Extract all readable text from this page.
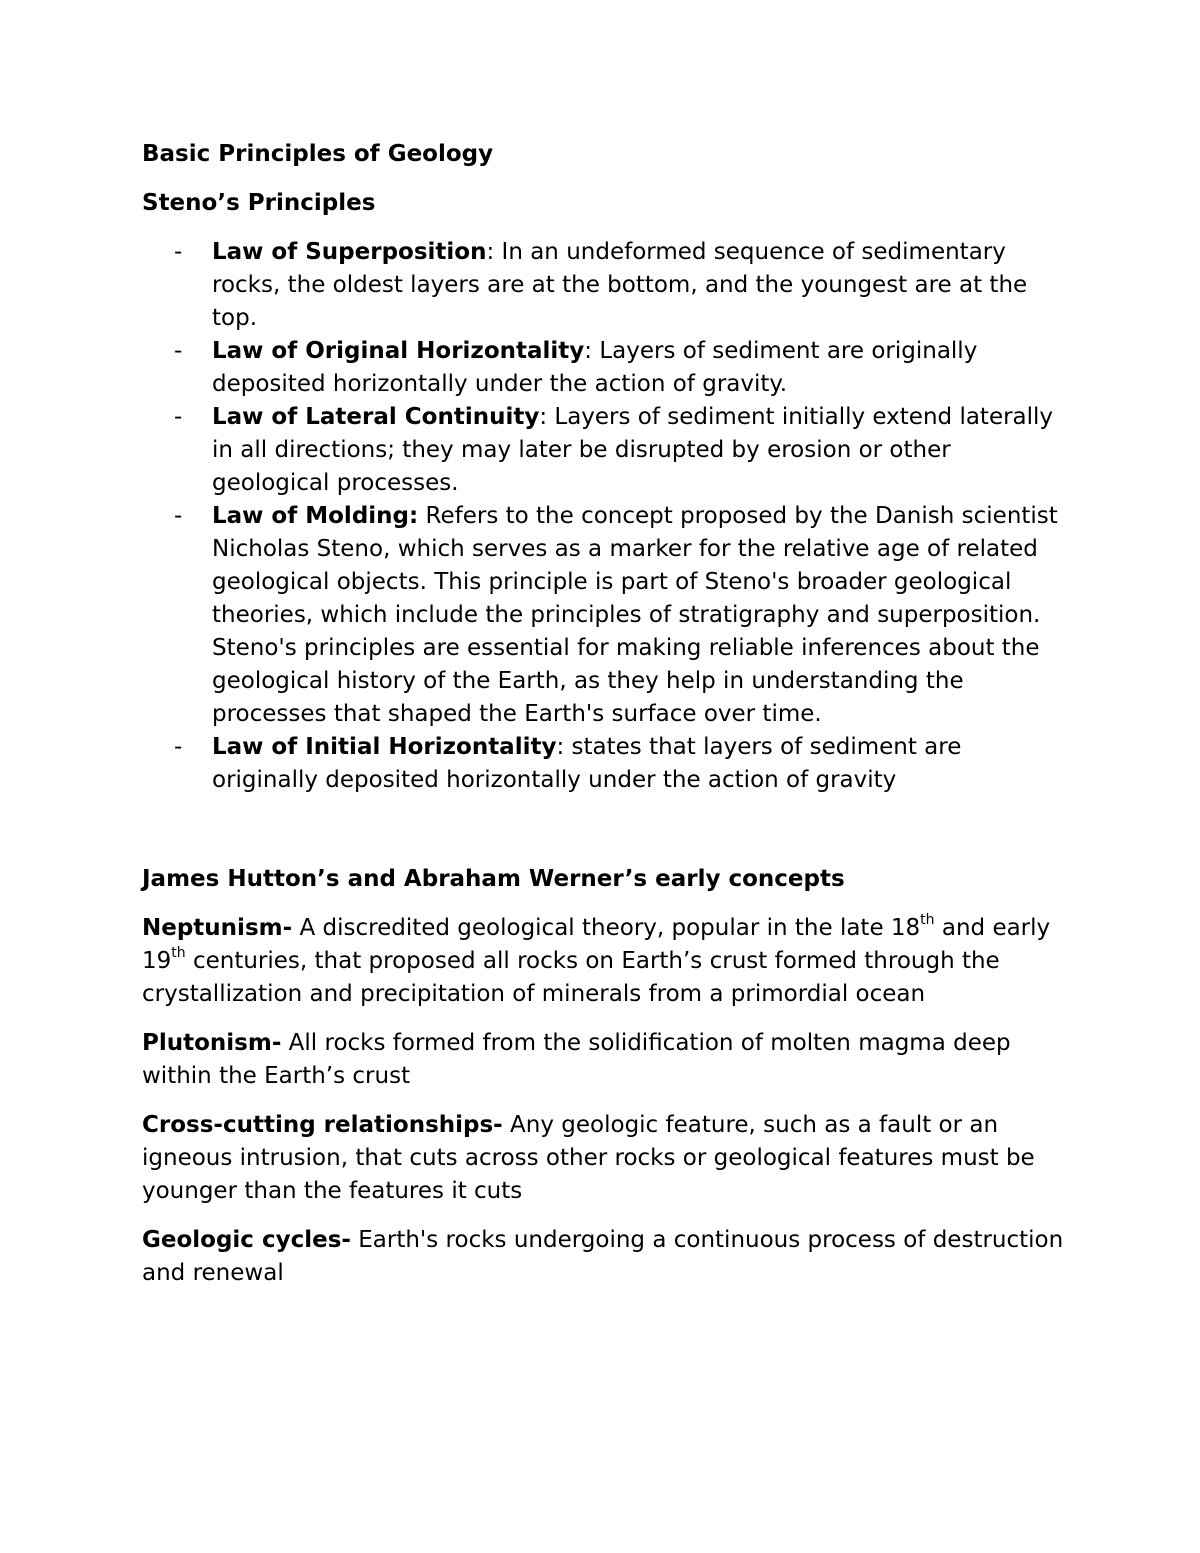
Basic Principles of Geology
Steno’s Principles
- Law of Superposition: In an undeformed sequence of sedimentary rocks, the oldest layers are at the bottom, and the youngest are at the top.
- Law of Original Horizontality: Layers of sediment are originally deposited horizontally under the action of gravity.
- Law of Lateral Continuity: Layers of sediment initially extend laterally in all directions; they may later be disrupted by erosion or other geological processes.
- Law of Molding: Refers to the concept proposed by the Danish scientist Nicholas Steno, which serves as a marker for the relative age of related geological objects. This principle is part of Steno's broader geological theories, which include the principles of stratigraphy and superposition. Steno's principles are essential for making reliable inferences about the geological history of the Earth, as they help in understanding the processes that shaped the Earth's surface over time.
- Law of Initial Horizontality: states that layers of sediment are originally deposited horizontally under the action of gravity
James Hutton’s and Abraham Werner’s early concepts

Neptunism- A discredited geological theory, popular in the late 18th and early 19th centuries, that proposed all rocks on Earth’s crust formed through the crystallization and precipitation of minerals from a primordial ocean

Plutonism- All rocks formed from the solidification of molten magma deep within the Earth’s crust

Cross-cutting relationships- Any geologic feature, such as a fault or an igneous intrusion, that cuts across other rocks or geological features must be younger than the features it cuts

Geologic cycles- Earth's rocks undergoing a continuous process of destruction and renewal
